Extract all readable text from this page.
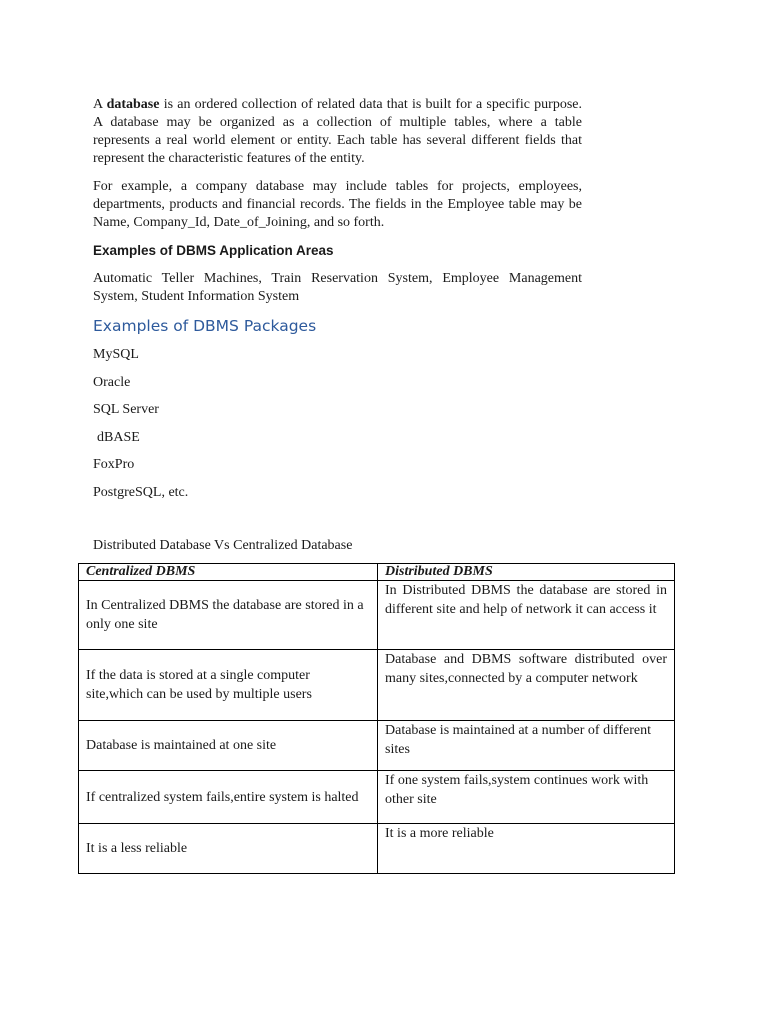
A database is an ordered collection of related data that is built for a specific purpose. A database may be organized as a collection of multiple tables, where a table represents a real world element or entity. Each table has several different fields that represent the characteristic features of the entity.

For example, a company database may include tables for projects, employees, departments, products and financial records. The fields in the Employee table may be Name, Company_Id, Date_of_Joining, and so forth.

Examples of DBMS Application Areas

Automatic Teller Machines, Train Reservation System, Employee Management System, Student Information System

Examples of DBMS Packages
MySQL
Oracle
SQL Server
dBASE
FoxPro
PostgreSQL, etc.
Distributed Database Vs Centralized Database
Centralized DBMS	Distributed DBMS
In Centralized DBMS the database are stored in a only one site	In Distributed DBMS the database are stored in different site and help of network it can access it
If the data is stored at a single computer site,which can be used by multiple users	Database and DBMS software distributed over many sites,connected by a computer network
Database is maintained at one site	Database is maintained at a number of different sites
If centralized system fails,entire system is halted	If one system fails,system continues work with other site
It is a less reliable	It is a more reliable
